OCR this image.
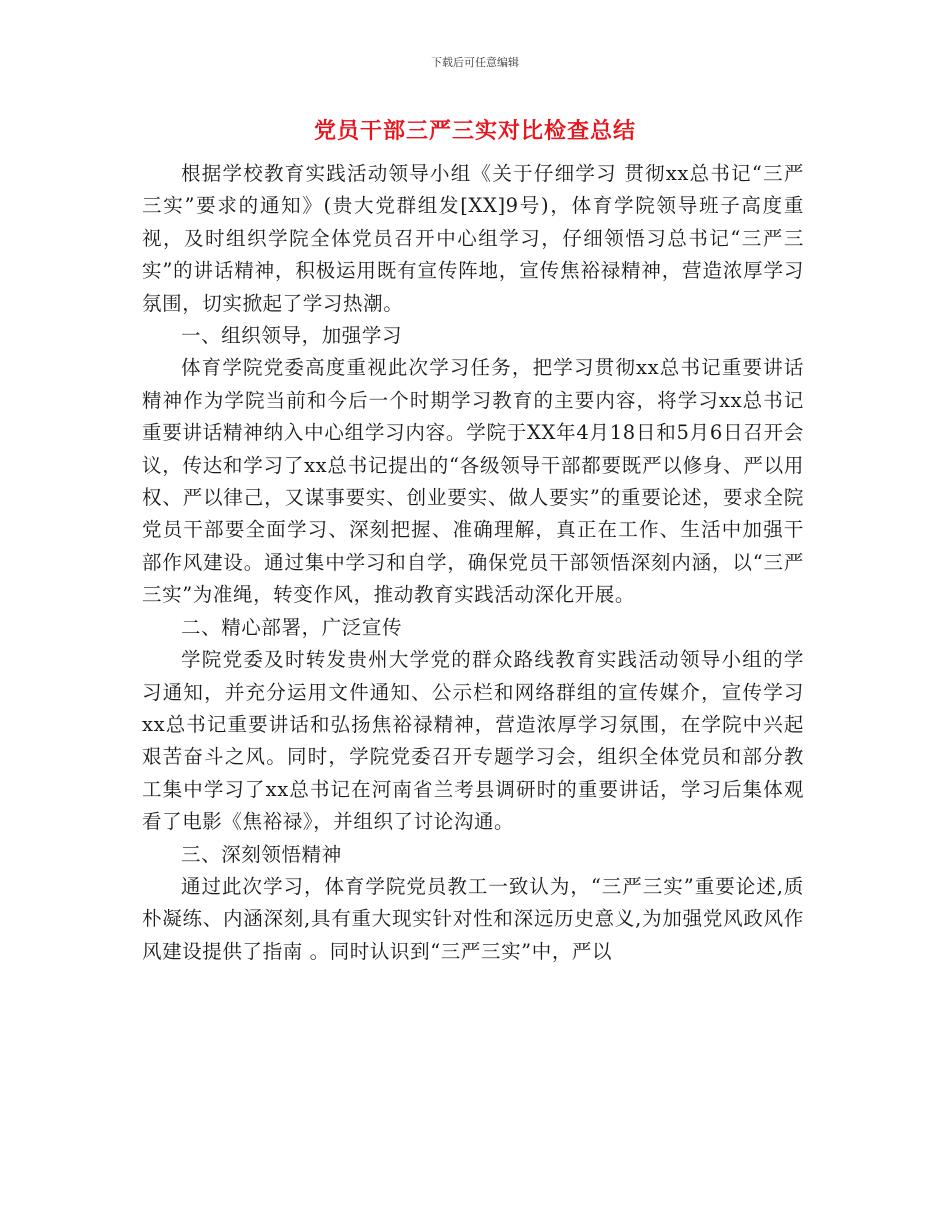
下载后可任意编辑
党员干部三严三实对比检查总结

根据学校教育实践活动领导小组《关于仔细学习 贯彻xx总书记“三严三实”要求的通知》(贵大党群组发[XX]9号)，体育学院领导班子高度重视，及时组织学院全体党员召开中心组学习，仔细领悟习总书记“三严三实”的讲话精神，积极运用既有宣传阵地，宣传焦裕禄精神，营造浓厚学习氛围，切实掀起了学习热潮。

一、组织领导，加强学习

体育学院党委高度重视此次学习任务，把学习贯彻xx总书记重要讲话精神作为学院当前和今后一个时期学习教育的主要内容，将学习xx总书记重要讲话精神纳入中心组学习内容。学院于XX年4月18日和5月6日召开会议，传达和学习了xx总书记提出的“各级领导干部都要既严以修身、严以用权、严以律己，又谋事要实、创业要实、做人要实”的重要论述，要求全院党员干部要全面学习、深刻把握、准确理解，真正在工作、生活中加强干部作风建设。通过集中学习和自学，确保党员干部领悟深刻内涵，以“三严三实”为准绳，转变作风，推动教育实践活动深化开展。

二、精心部署，广泛宣传

学院党委及时转发贵州大学党的群众路线教育实践活动领导小组的学习通知，并充分运用文件通知、公示栏和网络群组的宣传媒介，宣传学习xx总书记重要讲话和弘扬焦裕禄精神，营造浓厚学习氛围，在学院中兴起艰苦奋斗之风。同时，学院党委召开专题学习会，组织全体党员和部分教工集中学习了xx总书记在河南省兰考县调研时的重要讲话，学习后集体观看了电影《焦裕禄》，并组织了讨论沟通。

三、深刻领悟精神

通过此次学习，体育学院党员教工一致认为，“三严三实”重要论述,质朴凝练、内涵深刻,具有重大现实针对性和深远历史意义,为加强党风政风作风建设提供了指南 。同时认识到“三严三实”中，严以
